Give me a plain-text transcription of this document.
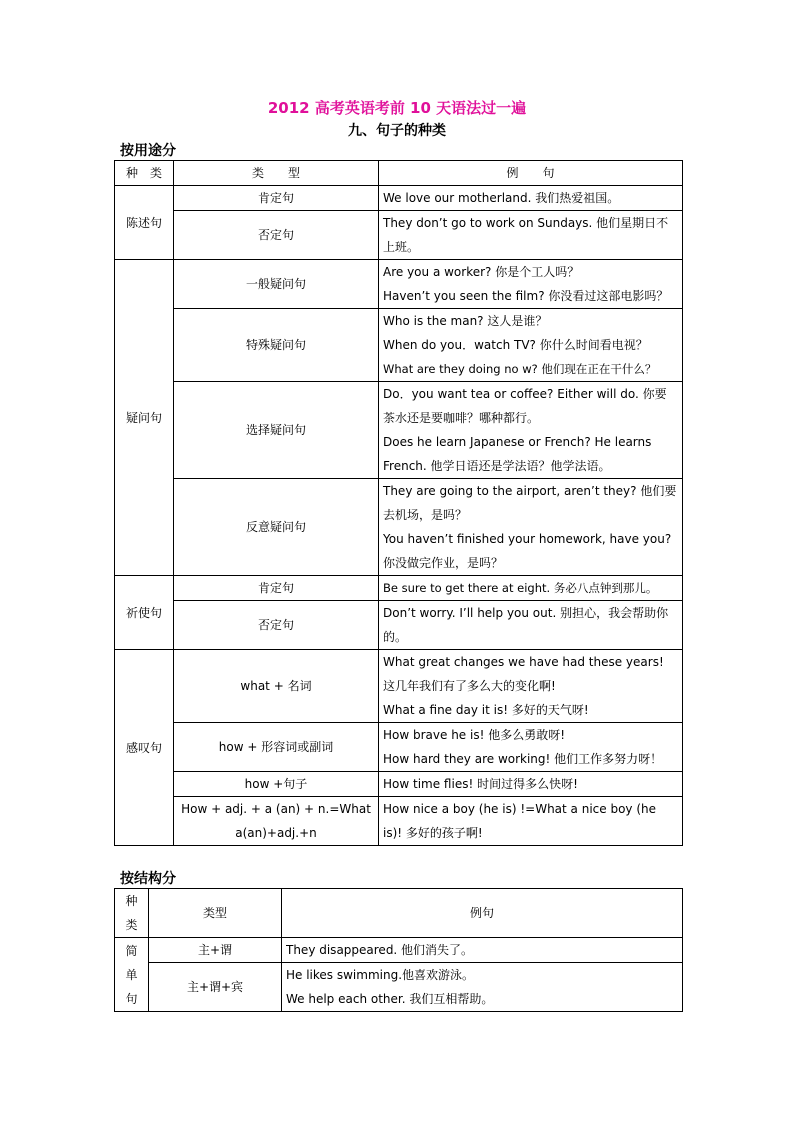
2012 高考英语考前 10 天语法过一遍
九、句子的种类
按用途分
种　类	类　　型	例　　句
陈述句	肯定句	We love our motherland. 我们热爱祖国。

	否定句	They don’t go to work on Sundays. 他们星期日不上班。

疑问句	一般疑问句	Are you a worker? 你是个工人吗？
Haven’t you seen the film? 你没看过这部电影吗？

	特殊疑问句	Who is the man? 这人是谁？
When do you．watch TV? 你什么时间看电视？
What are they doing no w? 他们现在正在干什么？

	选择疑问句	Do．you want tea or coffee? Either will do. 你要茶水还是要咖啡？哪种都行。
Does he learn Japanese or French? He learns French. 他学日语还是学法语？他学法语。

	反意疑问句	They are going to the airport, aren’t they? 他们要去机场，是吗？
You haven’t finished your homework, have you? 你没做完作业，是吗？

祈使句	肯定句	Be sure to get there at eight. 务必八点钟到那儿。

	否定句	Don’t worry. I’ll help you out. 别担心，我会帮助你的。

感叹句	what + 名词	What great changes we have had these years! 这几年我们有了多么大的变化啊!
What a fine day it is! 多好的天气呀!

	how + 形容词或副词	How brave he is! 他多么勇敢呀!
How hard they are working! 他们工作多努力呀！

	how +句子	How time flies! 时间过得多么快呀!

	How + adj. + a (an) + n.=What a(an)+adj.+n	How nice a boy (he is) !=What a nice boy (he is)! 多好的孩子啊!
按结构分
种类	类型	例句
简单句	主+谓	They disappeared. 他们消失了。

	主+谓+宾	He likes swimming.他喜欢游泳。
We help each other. 我们互相帮助。
